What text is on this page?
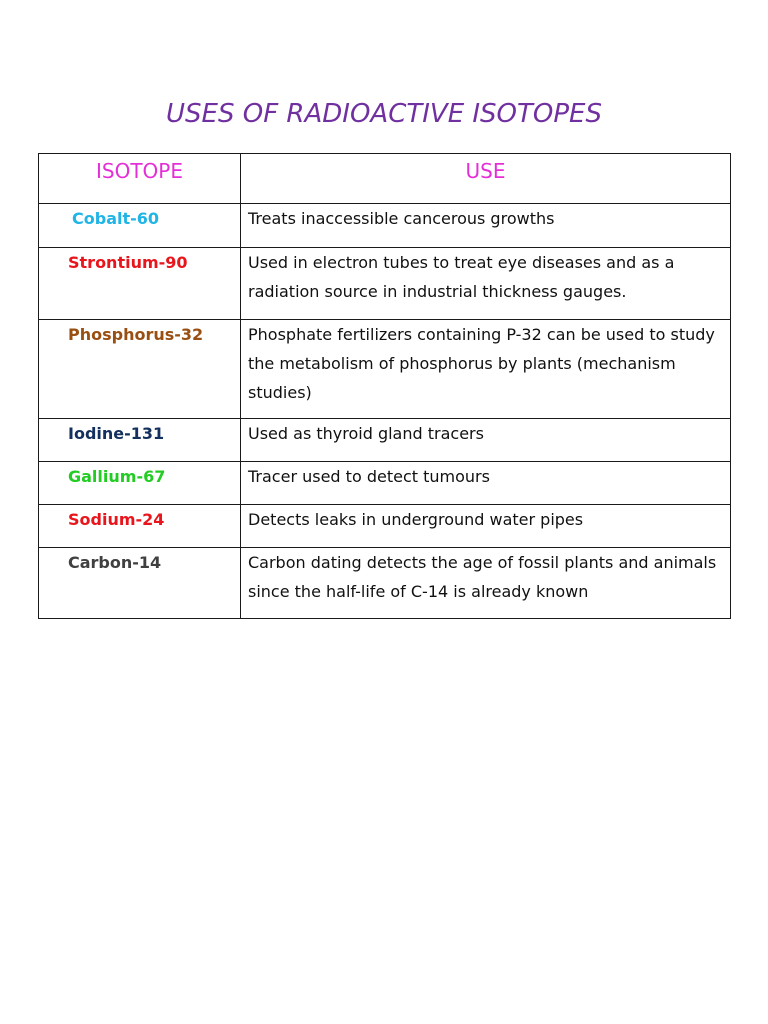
USES OF RADIOACTIVE ISOTOPES
ISOTOPE	USE
Cobalt-60	Treats inaccessible cancerous growths
Strontium-90	Used in electron tubes to treat eye diseases and as a radiation source in industrial thickness gauges.
Phosphorus-32	Phosphate fertilizers containing P-32 can be used to study the metabolism of phosphorus by plants (mechanism studies)
Iodine-131	Used as thyroid gland tracers
Gallium-67	Tracer used to detect tumours
Sodium-24	Detects leaks in underground water pipes
Carbon-14	Carbon dating detects the age of fossil plants and animals since the half-life of C-14 is already known
